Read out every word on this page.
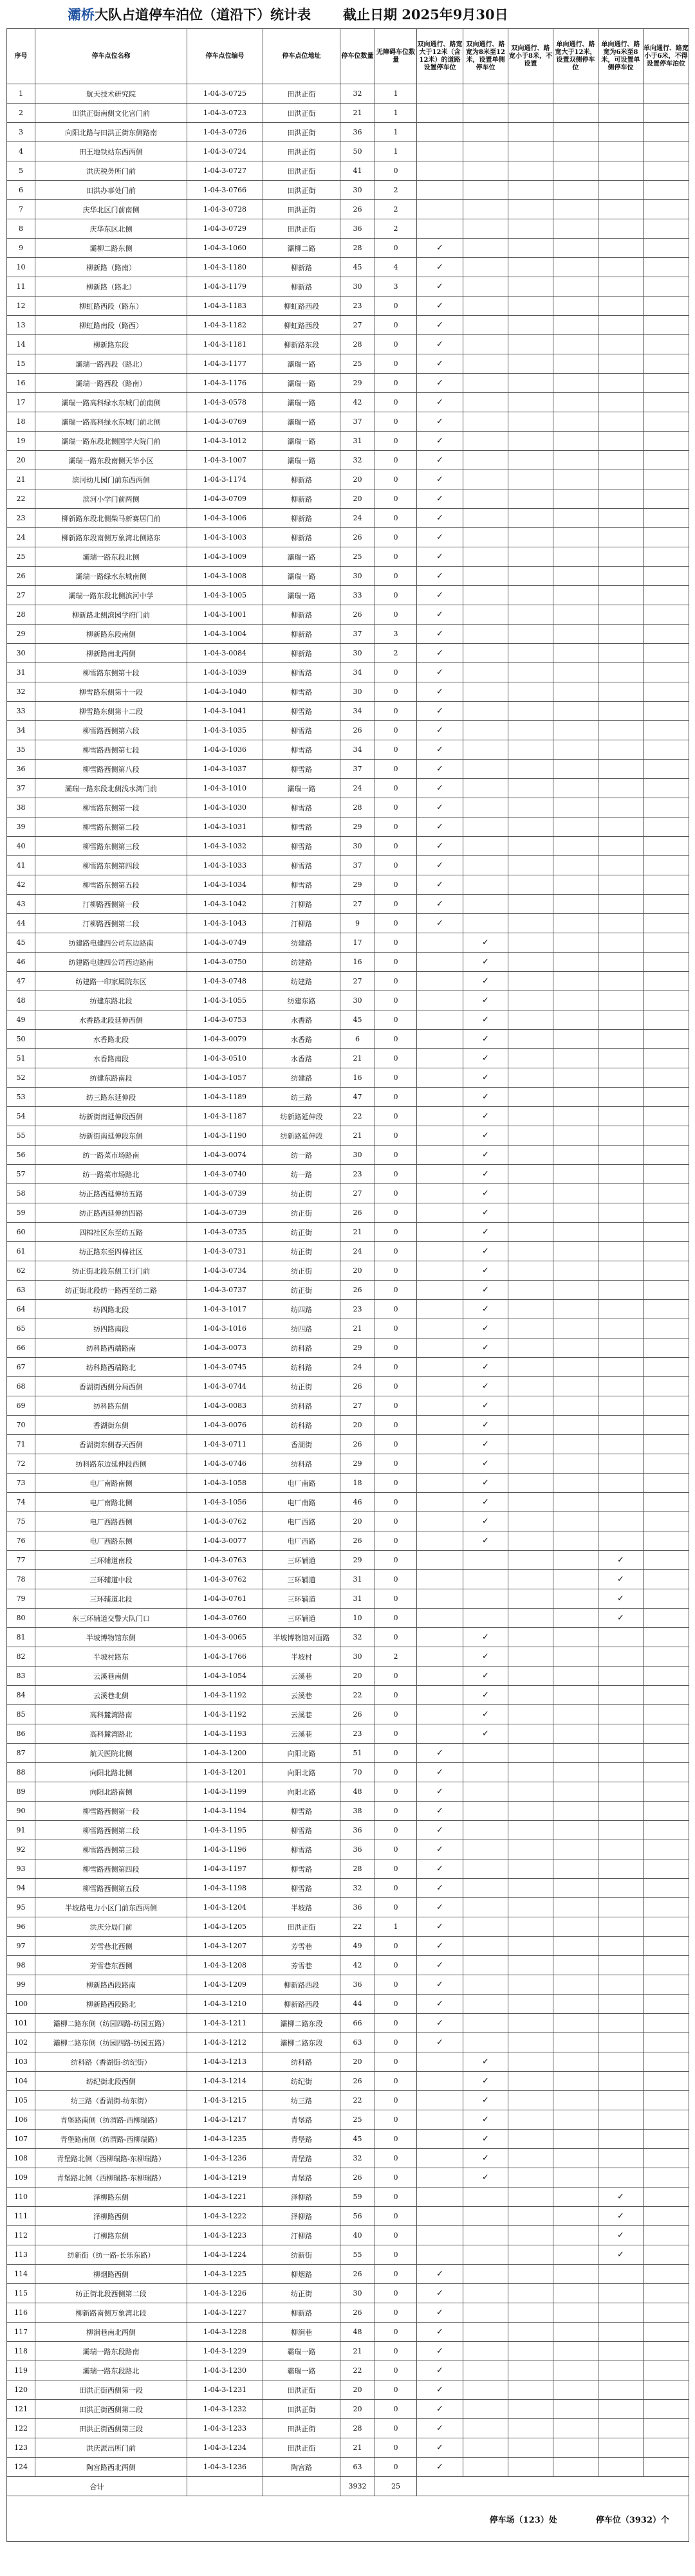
灞桥大队占道停车泊位（道沿下）统计表 截止日期 2025年9月30日
序号	停车点位名称	停车点位编号	停车点位地址	停车位数量	无障碍车位数量	双向通行、路宽大于12米（含12米）的道路设置停车位	双向通行、路宽为8米至12米，设置单侧停车位	双向通行、路宽小于8米，不设置	单向通行、路宽大于12米，设置双侧停车位	单向通行、路宽为6米至8米，可设置单侧停车位	单向通行、路宽小于6米，不得设置停车泊位
1	航天技术研究院	1-04-3-0725	田洪正街	32	1						
2	田洪正街南侧文化宫门前	1-04-3-0723	田洪正街	21	1						
3	向阳北路与田洪正街东侧路南	1-04-3-0726	田洪正街	36	1						
4	田王地铁站东西两侧	1-04-3-0724	田洪正街	50	1						
5	洪庆税务所门前	1-04-3-0727	田洪正街	41	0						
6	田洪办事处门前	1-04-3-0766	田洪正街	30	2						
7	庆华北区门前南侧	1-04-3-0728	田洪正街	26	2						
8	庆华东区北侧	1-04-3-0729	田洪正街	36	2						
9	灞柳二路东侧	1-04-3-1060	灞柳二路	28	0	✓					
10	柳新路（路南）	1-04-3-1180	柳新路	45	4	✓					
11	柳新路（路北）	1-04-3-1179	柳新路	30	3	✓					
12	柳虹路西段（路东）	1-04-3-1183	柳虹路西段	23	0	✓					
13	柳虹路南段（路西）	1-04-3-1182	柳虹路西段	27	0	✓					
14	柳新路东段	1-04-3-1181	柳新路东段	28	0	✓					
15	灞瑞一路西段（路北）	1-04-3-1177	灞瑞一路	25	0	✓					
16	灞瑞一路西段（路南）	1-04-3-1176	灞瑞一路	29	0	✓					
17	灞瑞一路高科绿水东城门前南侧	1-04-3-0578	灞瑞一路	42	0	✓					
18	灞瑞一路高科绿水东城门前北侧	1-04-3-0769	灞瑞一路	37	0	✓					
19	灞瑞一路东段北侧国学大院门前	1-04-3-1012	灞瑞一路	31	0	✓					
20	灞瑞一路东段南侧天华小区	1-04-3-1007	灞瑞一路	32	0	✓					
21	滨河幼儿园门前东西两侧	1-04-3-1174	柳新路	20	0	✓					
22	滨河小学门前两侧	1-04-3-0709	柳新路	20	0	✓					
23	柳新路东段北侧柴马新赛居门前	1-04-3-1006	柳新路	24	0	✓					
24	柳新路东段南侧万象湾北侧路东	1-04-3-1003	柳新路	26	0	✓					
25	灞瑞一路东段北侧	1-04-3-1009	灞瑞一路	25	0	✓					
26	灞瑞一路绿水东城南侧	1-04-3-1008	灞瑞一路	30	0	✓					
27	灞瑞一路东段北侧滨河中学	1-04-3-1005	灞瑞一路	33	0	✓					
28	柳新路北侧滨园学府门前	1-04-3-1001	柳新路	26	0	✓					
29	柳新路东段南侧	1-04-3-1004	柳新路	37	3	✓					
30	柳新路南北两侧	1-04-3-0084	柳新路	30	2	✓					
31	柳雪路东侧第十段	1-04-3-1039	柳雪路	34	0	✓					
32	柳雪路东侧第十一段	1-04-3-1040	柳雪路	30	0	✓					
33	柳雪路东侧第十二段	1-04-3-1041	柳雪路	34	0	✓					
34	柳雪路西侧第六段	1-04-3-1035	柳雪路	26	0	✓					
35	柳雪路西侧第七段	1-04-3-1036	柳雪路	34	0	✓					
36	柳雪路西侧第八段	1-04-3-1037	柳雪路	37	0	✓					
37	灞瑞一路东段北侧浅水湾门前	1-04-3-1010	灞瑞一路	24	0	✓					
38	柳雪路东侧第一段	1-04-3-1030	柳雪路	28	0	✓					
39	柳雪路东侧第二段	1-04-3-1031	柳雪路	29	0	✓					
40	柳雪路东侧第三段	1-04-3-1032	柳雪路	30	0	✓					
41	柳雪路东侧第四段	1-04-3-1033	柳雪路	37	0	✓					
42	柳雪路东侧第五段	1-04-3-1034	柳雪路	29	0	✓					
43	汀柳路西侧第一段	1-04-3-1042	汀柳路	27	0	✓					
44	汀柳路西侧第二段	1-04-3-1043	汀柳路	9	0	✓					
45	纺建路电建四公司东边路南	1-04-3-0749	纺建路	17	0		✓				
46	纺建路电建四公司西边路南	1-04-3-0750	纺建路	16	0		✓				
47	纺建路一印家属院东区	1-04-3-0748	纺建路	27	0		✓				
48	纺建东路北段	1-04-3-1055	纺建东路	30	0		✓				
49	水香路北段延伸西侧	1-04-3-0753	水香路	45	0		✓				
50	水香路北段	1-04-3-0079	水香路	6	0		✓				
51	水香路南段	1-04-3-0510	水香路	21	0		✓				
52	纺建东路南段	1-04-3-1057	纺建路	16	0		✓				
53	纺三路东延伸段	1-04-3-1189	纺三路	47	0		✓				
54	纺新街南延伸段西侧	1-04-3-1187	纺新路延伸段	22	0		✓				
55	纺新街南延伸段东侧	1-04-3-1190	纺新路延伸段	21	0		✓				
56	纺一路菜市场路南	1-04-3-0074	纺一路	30	0		✓				
57	纺一路菜市场路北	1-04-3-0740	纺一路	23	0		✓				
58	纺正路西延伸纺五路	1-04-3-0739	纺正街	27	0		✓				
59	纺正路西延伸纺四路	1-04-3-0739	纺正街	26	0		✓				
60	四棉社区东至纺五路	1-04-3-0735	纺正街	21	0		✓				
61	纺正路东至四棉社区	1-04-3-0731	纺正街	24	0		✓				
62	纺正街北段东侧工行门前	1-04-3-0734	纺正街	20	0		✓				
63	纺正街北段纺一路西至纺二路	1-04-3-0737	纺正街	26	0		✓				
64	纺四路北段	1-04-3-1017	纺四路	23	0		✓				
65	纺四路南段	1-04-3-1016	纺四路	21	0		✓				
66	纺科路西端路南	1-04-3-0073	纺科路	29	0		✓				
67	纺科路西端路北	1-04-3-0745	纺科路	24	0		✓				
68	香湖街西侧分局西侧	1-04-3-0744	纺正街	26	0		✓				
69	纺科路东侧	1-04-3-0083	纺科路	27	0		✓				
70	香湖街东侧	1-04-3-0076	纺科路	20	0		✓				
71	香湖街东侧春天西侧	1-04-3-0711	香湖街	26	0		✓				
72	纺科路东边延伸段西侧	1-04-3-0746	纺科路	29	0		✓				
73	电厂南路南侧	1-04-3-1058	电厂南路	18	0		✓				
74	电厂南路北侧	1-04-3-1056	电厂南路	46	0		✓				
75	电厂西路西侧	1-04-3-0762	电厂西路	20	0		✓				
76	电厂西路东侧	1-04-3-0077	电厂西路	26	0		✓				
77	三环辅道南段	1-04-3-0763	三环辅道	29	0					✓	
78	三环辅道中段	1-04-3-0762	三环辅道	31	0					✓	
79	三环辅道北段	1-04-3-0761	三环辅道	31	0					✓	
80	东三环辅道交警大队门口	1-04-3-0760	三环辅道	10	0					✓	
81	半坡博物馆东侧	1-04-3-0065	半坡博物馆对面路	32	0		✓				
82	半坡村路东	1-04-3-1766	半坡村	30	2		✓				
83	云溪巷南侧	1-04-3-1054	云溪巷	20	0		✓				
84	云溪巷北侧	1-04-3-1192	云溪巷	22	0		✓				
85	高科麓湾路南	1-04-3-1192	云溪巷	26	0		✓				
86	高科麓湾路北	1-04-3-1193	云溪巷	23	0		✓				
87	航天医院北侧	1-04-3-1200	向阳北路	51	0	✓					
88	向阳北路北侧	1-04-3-1201	向阳北路	70	0	✓					
89	向阳北路南侧	1-04-3-1199	向阳北路	48	0	✓					
90	柳雪路西侧第一段	1-04-3-1194	柳雪路	38	0	✓					
91	柳雪路西侧第二段	1-04-3-1195	柳雪路	36	0	✓					
92	柳雪路西侧第三段	1-04-3-1196	柳雪路	36	0	✓					
93	柳雪路西侧第四段	1-04-3-1197	柳雪路	28	0	✓					
94	柳雪路西侧第五段	1-04-3-1198	柳雪路	32	0	✓					
95	半坡路电力小区门前东西两侧	1-04-3-1204	半坡路	36	0	✓					
96	洪庆分局门前	1-04-3-1205	田洪正街	22	1	✓					
97	芳雪巷北西侧	1-04-3-1207	芳雪巷	49	0	✓					
98	芳雪巷东西侧	1-04-3-1208	芳雪巷	42	0	✓					
99	柳新路西段路南	1-04-3-1209	柳新路西段	36	0	✓					
100	柳新路西段路北	1-04-3-1210	柳新路西段	44	0	✓					
101	灞柳二路东侧（纺园四路-纺园五路）	1-04-3-1211	灞柳二路东段	66	0	✓					
102	灞柳二路东侧（纺园四路-纺园五路）	1-04-3-1212	灞柳二路东段	63	0	✓					
103	纺科路（香湖街-纺纪街）	1-04-3-1213	纺科路	20	0		✓				
104	纺纪街北段西侧	1-04-3-1214	纺纪街	26	0		✓				
105	纺三路（香湖街-纺东街）	1-04-3-1215	纺三路	22	0		✓				
106	青堡路南侧（纺渭路-西柳瑞路）	1-04-3-1217	青堡路	25	0		✓				
107	青堡路南侧（纺渭路-西柳瑞路）	1-04-3-1235	青堡路	45	0		✓				
108	青堡路北侧（西柳瑞路-东柳瑞路）	1-04-3-1236	青堡路	32	0		✓				
109	青堡路北侧（西柳瑞路-东柳瑞路）	1-04-3-1219	青堡路	26	0		✓				
110	泽柳路东侧	1-04-3-1221	泽柳路	59	0					✓	
111	泽柳路西侧	1-04-3-1222	泽柳路	56	0					✓	
112	汀柳路东侧	1-04-3-1223	汀柳路	40	0					✓	
113	纺新街（纺一路-长乐东路）	1-04-3-1224	纺新街	55	0					✓	
114	柳烟路西侧	1-04-3-1225	柳烟路	26	0	✓					
115	纺正街北段西侧第二段	1-04-3-1226	纺正街	30	0	✓					
116	柳新路南侧万象湾北段	1-04-3-1227	柳新路	26	0	✓					
117	柳涧巷南北两侧	1-04-3-1228	柳涧巷	48	0	✓					
118	灞瑞一路东段路南	1-04-3-1229	霸瑞一路	21	0	✓					
119	灞瑞一路东段路北	1-04-3-1230	霸瑞一路	22	0	✓					
120	田洪正街西侧第一段	1-04-3-1231	田洪正街	20	0	✓					
121	田洪正街西侧第二段	1-04-3-1232	田洪正街	20	0	✓					
122	田洪正街西侧第三段	1-04-3-1233	田洪正街	28	0	✓					
123	洪庆派出所门前	1-04-3-1234	田洪正街	21	0	✓					
124	陶宫路西北两侧	1-04-3-1236	陶宫路	63	0	✓					
合计				3932	25						

停车场（123）处 停车位（3932）个											
